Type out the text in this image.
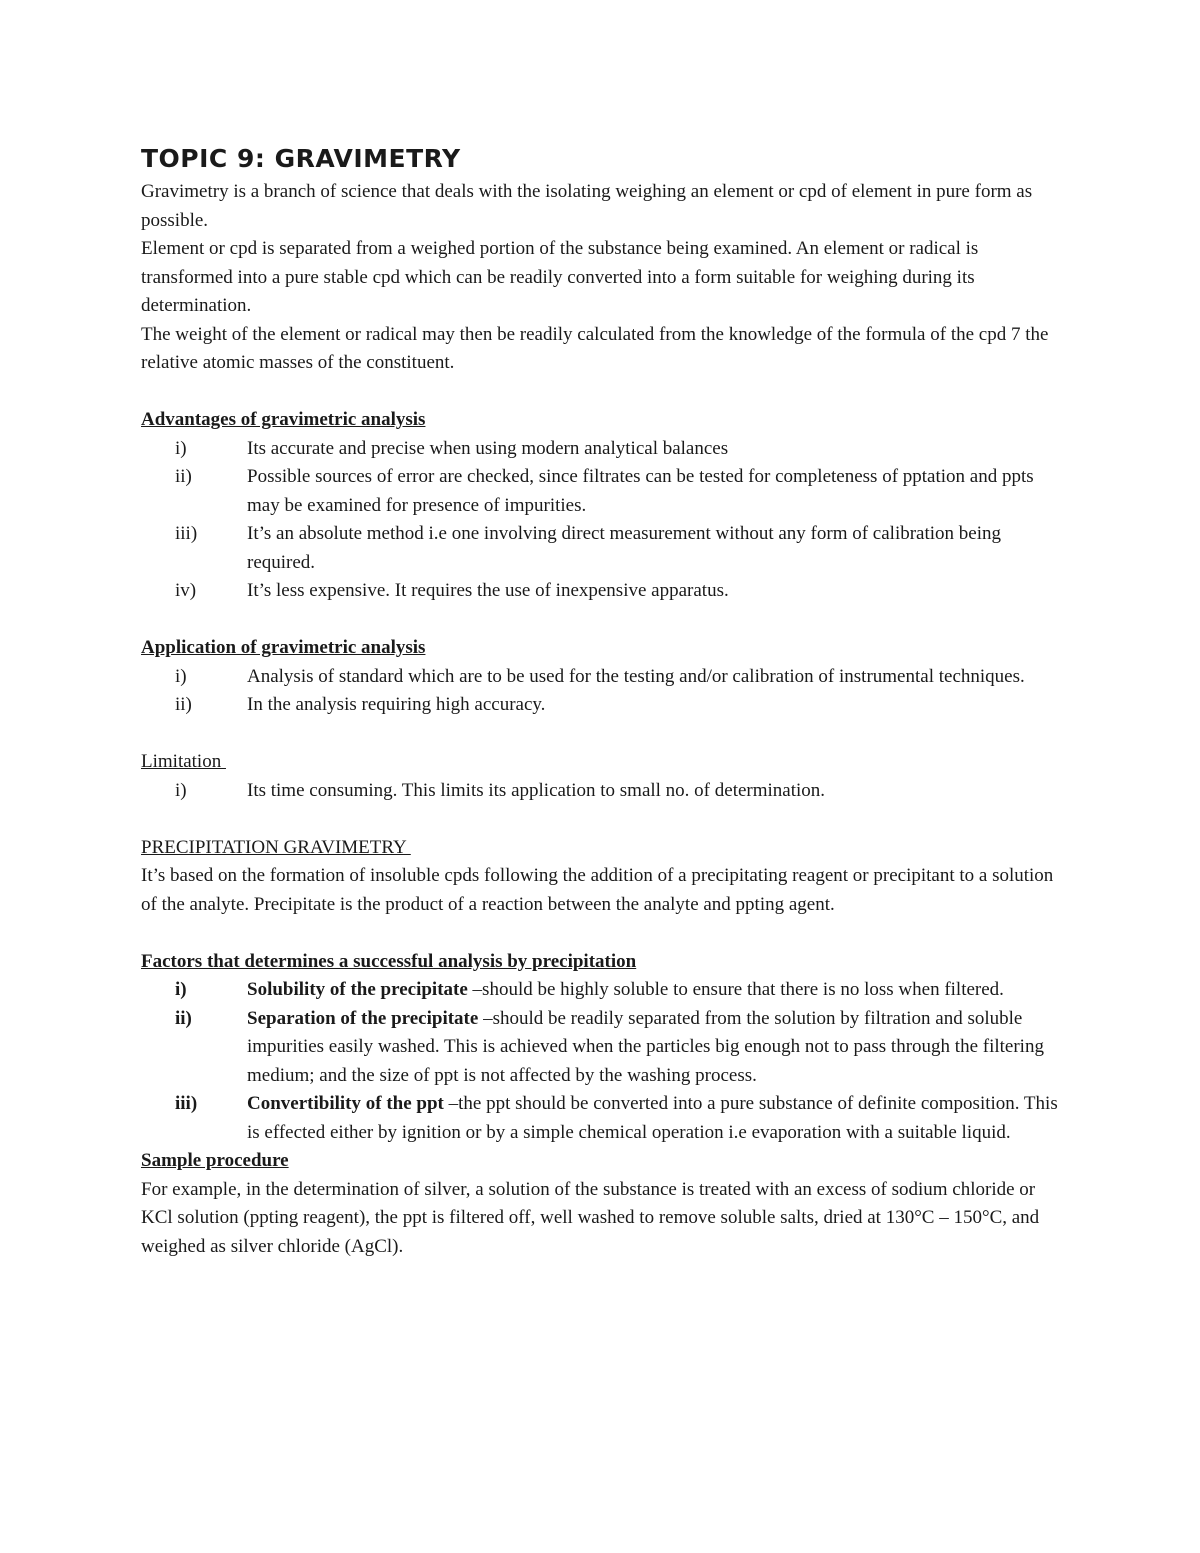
TOPIC 9: GRAVIMETRY

Gravimetry is a branch of science that deals with the isolating weighing an element or cpd of element in pure form as possible.

Element or cpd is separated from a weighed portion of the substance being examined. An element or radical is transformed into a pure stable cpd which can be readily converted into a form suitable for weighing during its determination.

The weight of the element or radical may then be readily calculated from the knowledge of the formula of the cpd 7 the relative atomic masses of the constituent.

Advantages of gravimetric analysis

i)	Its accurate and precise when using modern analytical balances
ii)	Possible sources of error are checked, since filtrates can be tested for completeness of pptation and ppts may be examined for presence of impurities.
iii)	It’s an absolute method i.e one involving direct measurement without any form of calibration being required.
iv)	It’s less expensive. It requires the use of inexpensive apparatus.

Application of gravimetric analysis

i)	Analysis of standard which are to be used for the testing and/or calibration of instrumental techniques.
ii)	In the analysis requiring high accuracy.

Limitation

i)	Its time consuming. This limits its application to small no. of determination.

PRECIPITATION GRAVIMETRY

It’s based on the formation of insoluble cpds following the addition of a precipitating reagent or precipitant to a solution of the analyte. Precipitate is the product of a reaction between the analyte and ppting agent.

Factors that determines a successful analysis by precipitation

i)	Solubility of the precipitate –should be highly soluble to ensure that there is no loss when filtered.
ii)	Separation of the precipitate –should be readily separated from the solution by filtration and soluble impurities easily washed. This is achieved when the particles big enough not to pass through the filtering medium; and the size of ppt is not affected by the washing process.
iii)	Convertibility of the ppt –the ppt should be converted into a pure substance of definite composition. This is effected either by ignition or by a simple chemical operation i.e evaporation with a suitable liquid.

Sample procedure

For example, in the determination of silver, a solution of the substance is treated with an excess of sodium chloride or KCl solution (ppting reagent), the ppt is filtered off, well washed to remove soluble salts, dried at 130°C – 150°C, and weighed as silver chloride (AgCl).
